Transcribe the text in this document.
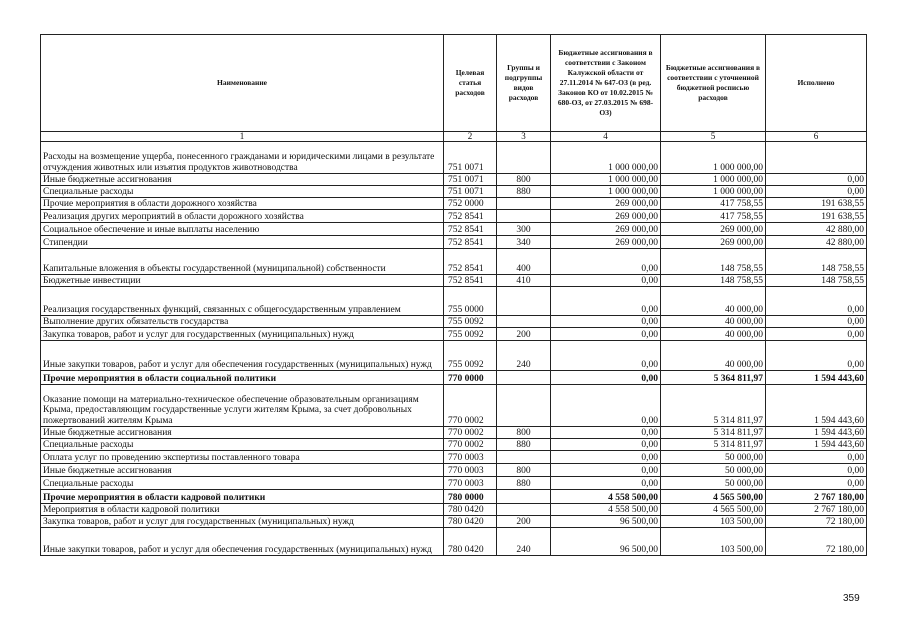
Наименование	Целевая статья расходов	Группы и подгруппы видов расходов	Бюджетные ассигнования в соответствии с Законом Калужской области от 27.11.2014 № 647-ОЗ (в ред. Законов КО от 10.02.2015 № 680-ОЗ, от 27.03.2015 № 698-ОЗ)	Бюджетные ассигнования в соответствии с уточненной бюджетной росписью расходов	Исполнено
1	2	3	4	5	6
Расходы на возмещение ущерба, понесенного гражданами и юридическими лицами в результате отчуждения животных или изъятия продуктов животноводства	751 0071		1 000 000,00	1 000 000,00	
Иные бюджетные ассигнования	751 0071	800	1 000 000,00	1 000 000,00	0,00
Специальные расходы	751 0071	880	1 000 000,00	1 000 000,00	0,00
Прочие мероприятия в области дорожного хозяйства	752 0000		269 000,00	417 758,55	191 638,55
Реализация других мероприятий в области дорожного хозяйства	752 8541		269 000,00	417 758,55	191 638,55
Социальное обеспечение и иные выплаты населению	752 8541	300	269 000,00	269 000,00	42 880,00
Стипендии	752 8541	340	269 000,00	269 000,00	42 880,00
Капитальные вложения в объекты государственной (муниципальной) собственности	752 8541	400	0,00	148 758,55	148 758,55
Бюджетные инвестиции	752 8541	410	0,00	148 758,55	148 758,55
Реализация государственных функций, связанных с общегосударственным управлением	755 0000		0,00	40 000,00	0,00
Выполнение других обязательств государства	755 0092		0,00	40 000,00	0,00
Закупка товаров, работ и услуг для государственных (муниципальных) нужд	755 0092	200	0,00	40 000,00	0,00
Иные закупки товаров, работ и услуг для обеспечения государственных (муниципальных) нужд	755 0092	240	0,00	40 000,00	0,00
Прочие мероприятия в области социальной политики	770 0000		0,00	5 364 811,97	1 594 443,60
Оказание помощи на материально-техническое обеспечение образовательным организациям Крыма, предоставляющим государственные услуги жителям Крыма, за счет добровольных пожертвований жителям Крыма	770 0002		0,00	5 314 811,97	1 594 443,60
Иные бюджетные ассигнования	770 0002	800	0,00	5 314 811,97	1 594 443,60
Специальные расходы	770 0002	880	0,00	5 314 811,97	1 594 443,60
Оплата услуг по проведению экспертизы поставленного товара	770 0003		0,00	50 000,00	0,00
Иные бюджетные ассигнования	770 0003	800	0,00	50 000,00	0,00
Специальные расходы	770 0003	880	0,00	50 000,00	0,00
Прочие мероприятия в области кадровой политики	780 0000		4 558 500,00	4 565 500,00	2 767 180,00
Мероприятия в области кадровой политики	780 0420		4 558 500,00	4 565 500,00	2 767 180,00
Закупка товаров, работ и услуг для государственных (муниципальных) нужд	780 0420	200	96 500,00	103 500,00	72 180,00
Иные закупки товаров, работ и услуг для обеспечения государственных (муниципальных) нужд	780 0420	240	96 500,00	103 500,00	72 180,00
359
